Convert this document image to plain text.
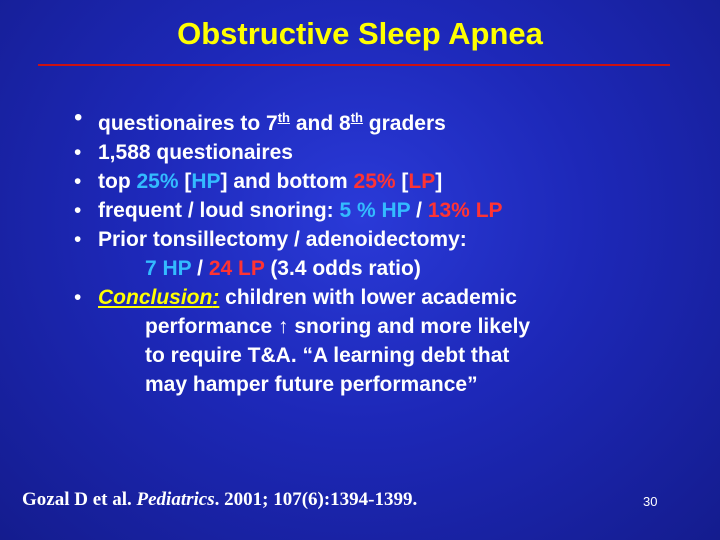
Obstructive Sleep Apnea
• questionaires to 7th and 8th graders
• 1,588 questionaires
• top 25% [HP] and bottom 25% [LP]
• frequent / loud snoring: 5 % HP / 13% LP
• Prior tonsillectomy / adenoidectomy:
7 HP / 24 LP (3.4 odds ratio)
• Conclusion: children with lower academic
performance ↑ snoring and more likely
to require T&A. “A learning debt that
may hamper future performance”
Gozal D et al. Pediatrics. 2001; 107(6):1394-1399.	30
